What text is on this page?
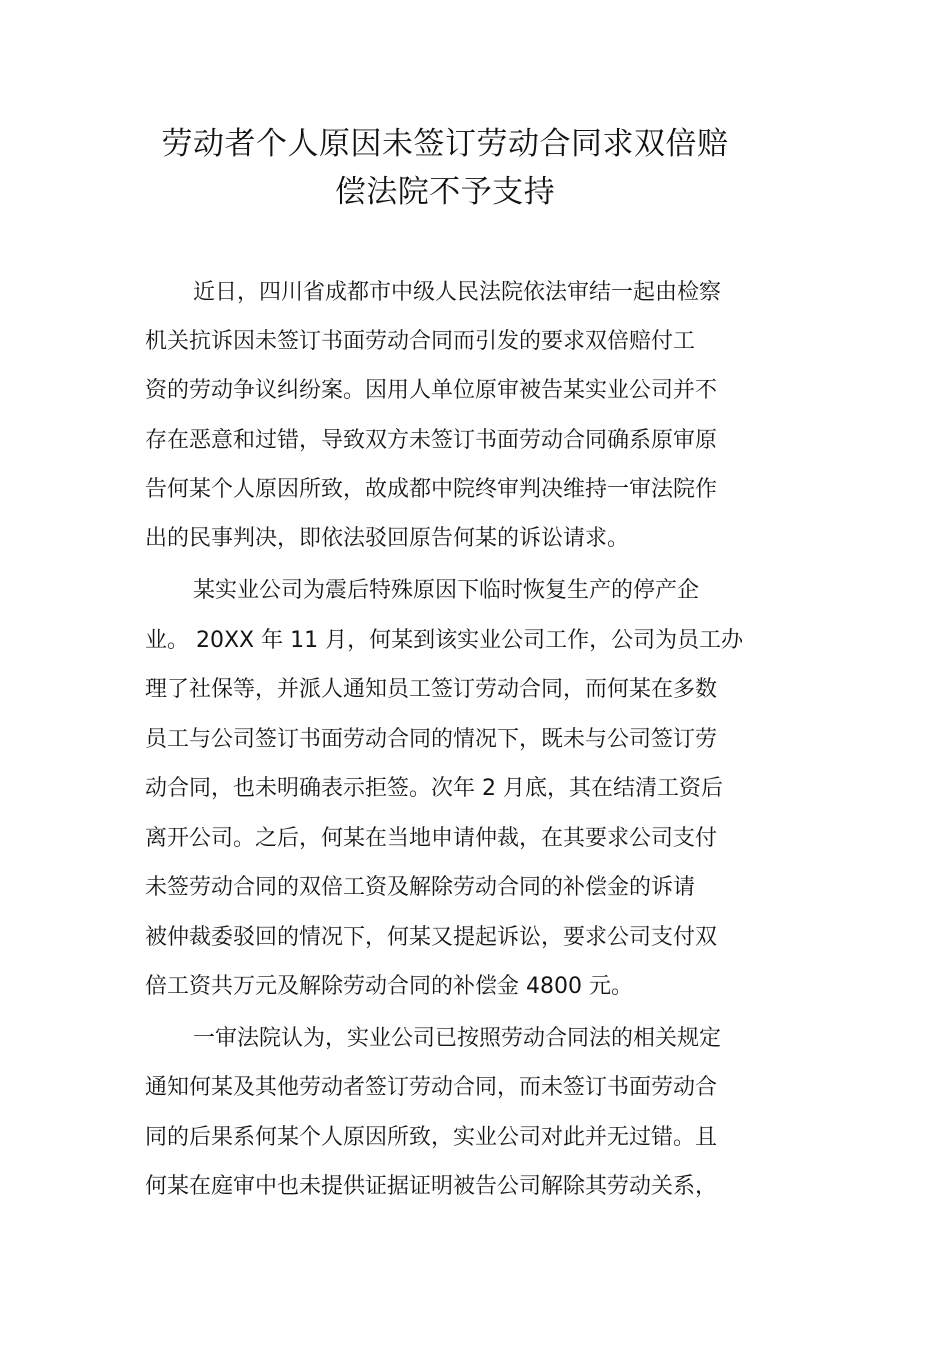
劳动者个人原因未签订劳动合同求双倍赔
偿法院不予支持
近日，四川省成都市中级人民法院依法审结一起由检察
机关抗诉因未签订书面劳动合同而引发的要求双倍赔付工
资的劳动争议纠纷案。因用人单位原审被告某实业公司并不
存在恶意和过错，导致双方未签订书面劳动合同确系原审原
告何某个人原因所致，故成都中院终审判决维持一审法院作
出的民事判决，即依法驳回原告何某的诉讼请求。
某实业公司为震后特殊原因下临时恢复生产的停产企
业。 20XX 年 11 月，何某到该实业公司工作，公司为员工办
理了社保等，并派人通知员工签订劳动合同，而何某在多数
员工与公司签订书面劳动合同的情况下，既未与公司签订劳
动合同，也未明确表示拒签。次年 2 月底，其在结清工资后
离开公司。之后，何某在当地申请仲裁，在其要求公司支付
未签劳动合同的双倍工资及解除劳动合同的补偿金的诉请
被仲裁委驳回的情况下，何某又提起诉讼，要求公司支付双
倍工资共万元及解除劳动合同的补偿金 4800 元。
一审法院认为，实业公司已按照劳动合同法的相关规定
通知何某及其他劳动者签订劳动合同，而未签订书面劳动合
同的后果系何某个人原因所致，实业公司对此并无过错。且
何某在庭审中也未提供证据证明被告公司解除其劳动关系，
